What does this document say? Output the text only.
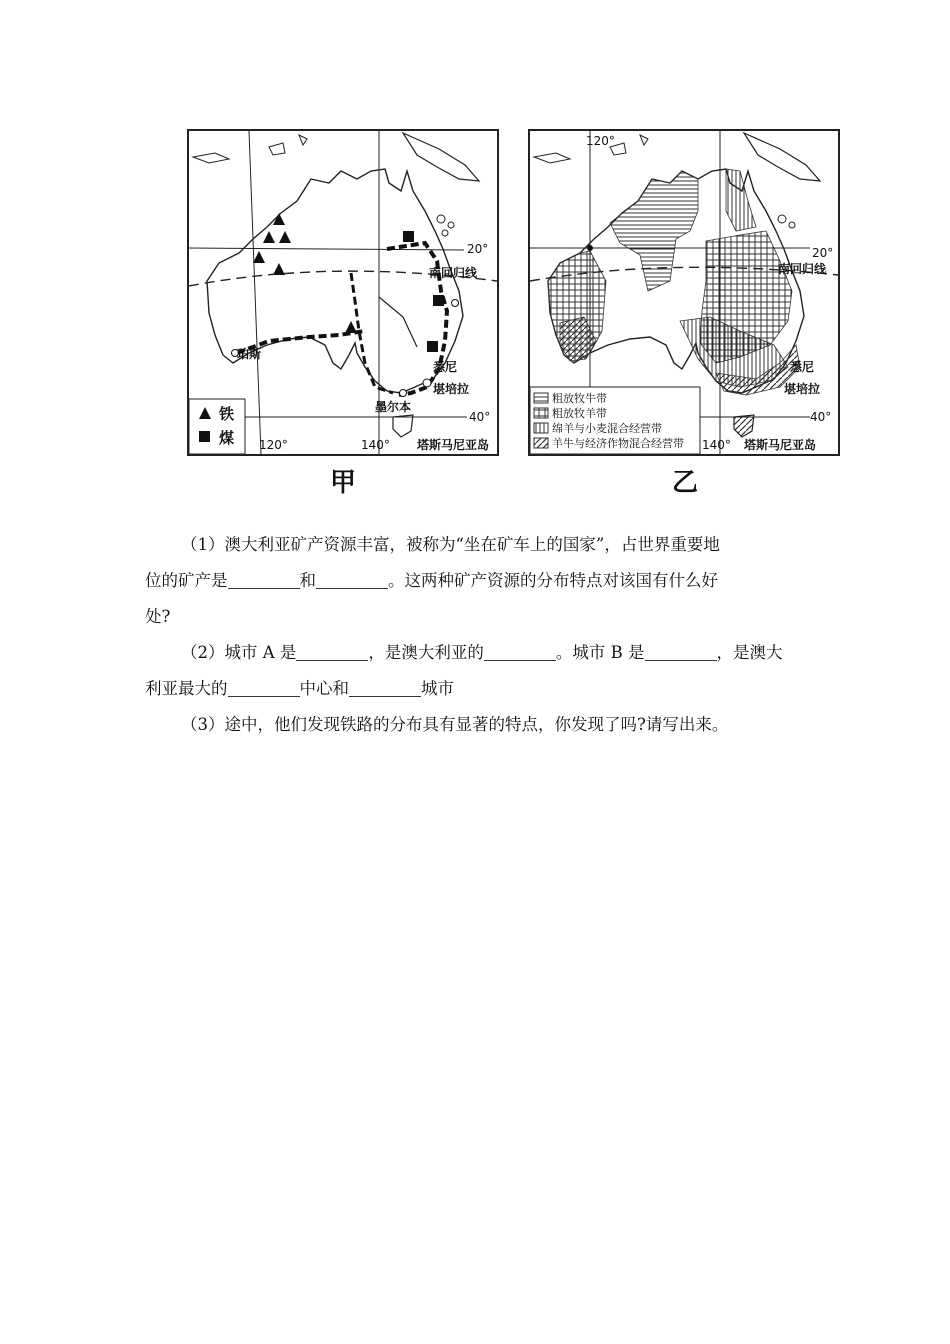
20°
南回归线
40°
120°	140°
珀斯
悉尼
堪培拉
墨尔本
塔斯马尼亚岛
铁
煤
甲
120°
20°
南回归线
悉尼
堪培拉
40°
140° 塔斯马尼亚岛
粗放牧牛带
粗放牧羊带
绵羊与小麦混合经营带
羊牛与经济作物混合经营带
乙

（1）澳大利亚矿产资源丰富，被称为“坐在矿车上的国家”，占世界重要地

位的矿产是	和	。这两种矿产资源的分布特点对该国有什么好

处?

（2）城市 A 是	，是澳大利亚的	。城市 B 是	，是澳大

利亚最大的	中心和	城市

（3）途中，他们发现铁路的分布具有显著的特点，你发现了吗?请写出来。
